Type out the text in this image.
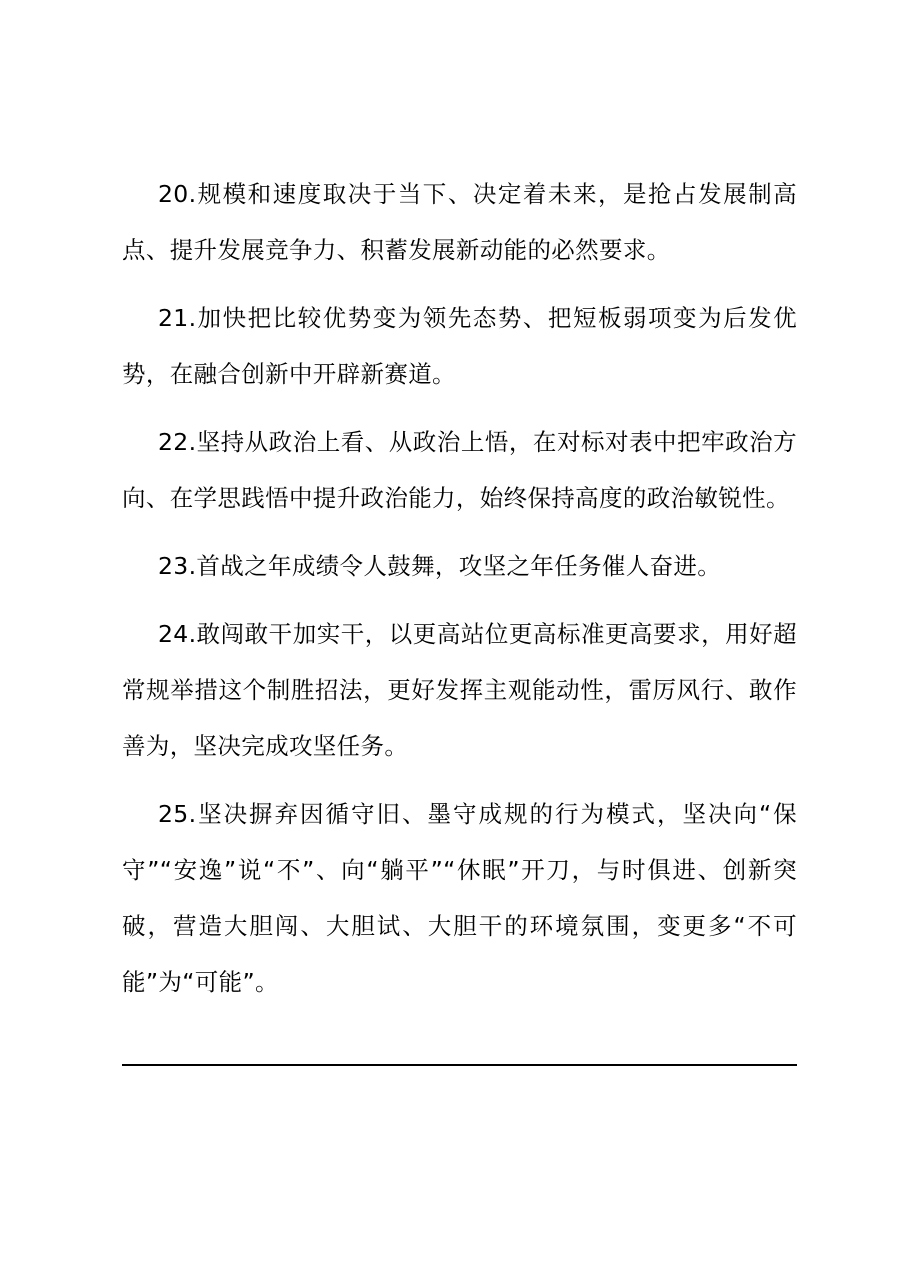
20.规模和速度取决于当下、决定着未来，是抢占发展制高点、提升发展竞争力、积蓄发展新动能的必然要求。

21.加快把比较优势变为领先态势、把短板弱项变为后发优势，在融合创新中开辟新赛道。

22.坚持从政治上看、从政治上悟，在对标对表中把牢政治方向、在学思践悟中提升政治能力，始终保持高度的政治敏锐性。

23.首战之年成绩令人鼓舞，攻坚之年任务催人奋进。

24.敢闯敢干加实干，以更高站位更高标准更高要求，用好超常规举措这个制胜招法，更好发挥主观能动性，雷厉风行、敢作善为，坚决完成攻坚任务。

25.坚决摒弃因循守旧、墨守成规的行为模式，坚决向“保守”“安逸”说“不”、向“躺平”“休眠”开刀，与时俱进、创新突破，营造大胆闯、大胆试、大胆干的环境氛围，变更多“不可能”为“可能”。
